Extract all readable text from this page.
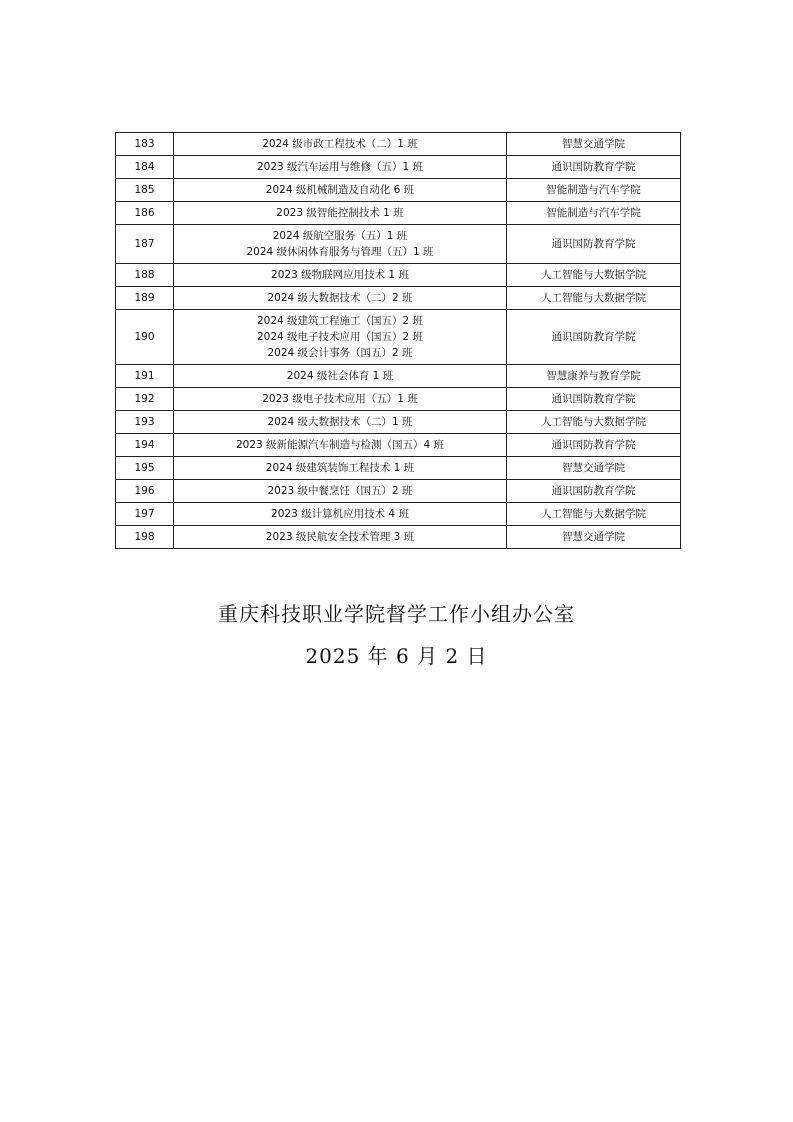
183	2024 级市政工程技术（二）1 班	智慧交通学院
184	2023 级汽车运用与维修（五）1 班	通识国防教育学院
185	2024 级机械制造及自动化 6 班	智能制造与汽车学院
186	2023 级智能控制技术 1 班	智能制造与汽车学院
187	2024 级航空服务（五）1 班
2024 级休闲体育服务与管理（五）1 班	通识国防教育学院
188	2023 级物联网应用技术 1 班	人工智能与大数据学院
189	2024 级大数据技术（二）2 班	人工智能与大数据学院
190	2024 级建筑工程施工（国五）2 班
2024 级电子技术应用（国五）2 班
2024 级会计事务（国五）2 班	通识国防教育学院
191	2024 级社会体育 1 班	智慧康养与教育学院
192	2023 级电子技术应用（五）1 班	通识国防教育学院
193	2024 级大数据技术（二）1 班	人工智能与大数据学院
194	2023 级新能源汽车制造与检测（国五）4 班	通识国防教育学院
195	2024 级建筑装饰工程技术 1 班	智慧交通学院
196	2023 级中餐烹饪（国五）2 班	通识国防教育学院
197	2023 级计算机应用技术 4 班	人工智能与大数据学院
198	2023 级民航安全技术管理 3 班	智慧交通学院
重庆科技职业学院督学工作小组办公室
2025 年 6 月 2 日
